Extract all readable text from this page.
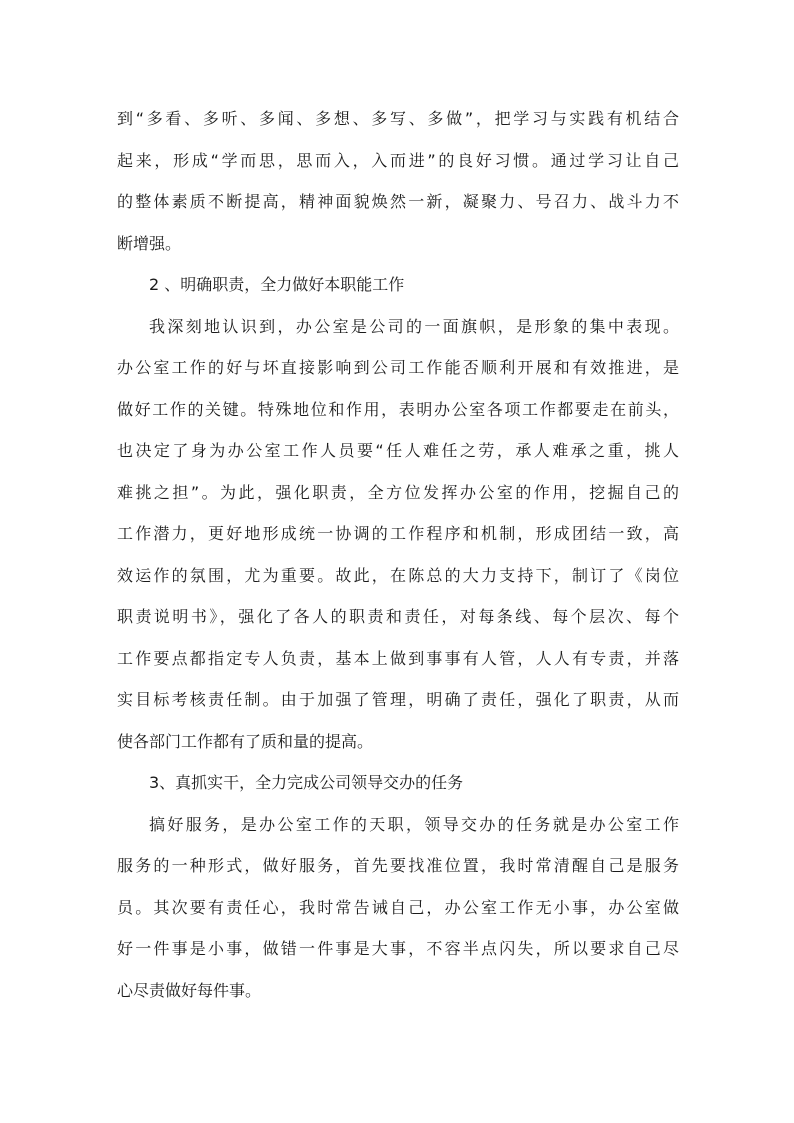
到“多看、多听、多闻、多想、多写、多做”，把学习与实践有机结合
起来，形成“学而思，思而入，入而进”的良好习惯。通过学习让自己
的整体素质不断提高，精神面貌焕然一新，凝聚力、号召力、战斗力不
断增强。
2 、明确职责，全力做好本职能工作
我深刻地认识到，办公室是公司的一面旗帜，是形象的集中表现。
办公室工作的好与坏直接影响到公司工作能否顺利开展和有效推进，是
做好工作的关键。特殊地位和作用，表明办公室各项工作都要走在前头，
也决定了身为办公室工作人员要“任人难任之劳，承人难承之重，挑人
难挑之担”。为此，强化职责，全方位发挥办公室的作用，挖掘自己的
工作潜力，更好地形成统一协调的工作程序和机制，形成团结一致，高
效运作的氛围，尤为重要。故此，在陈总的大力支持下，制订了《岗位
职责说明书》，强化了各人的职责和责任，对每条线、每个层次、每个
工作要点都指定专人负责，基本上做到事事有人管，人人有专责，并落
实目标考核责任制。由于加强了管理，明确了责任，强化了职责，从而
使各部门工作都有了质和量的提高。
3、真抓实干，全力完成公司领导交办的任务
搞好服务，是办公室工作的天职，领导交办的任务就是办公室工作
服务的一种形式，做好服务，首先要找准位置，我时常清醒自己是服务
员。其次要有责任心，我时常告诫自己，办公室工作无小事，办公室做
好一件事是小事，做错一件事是大事，不容半点闪失，所以要求自己尽
心尽责做好每件事。
